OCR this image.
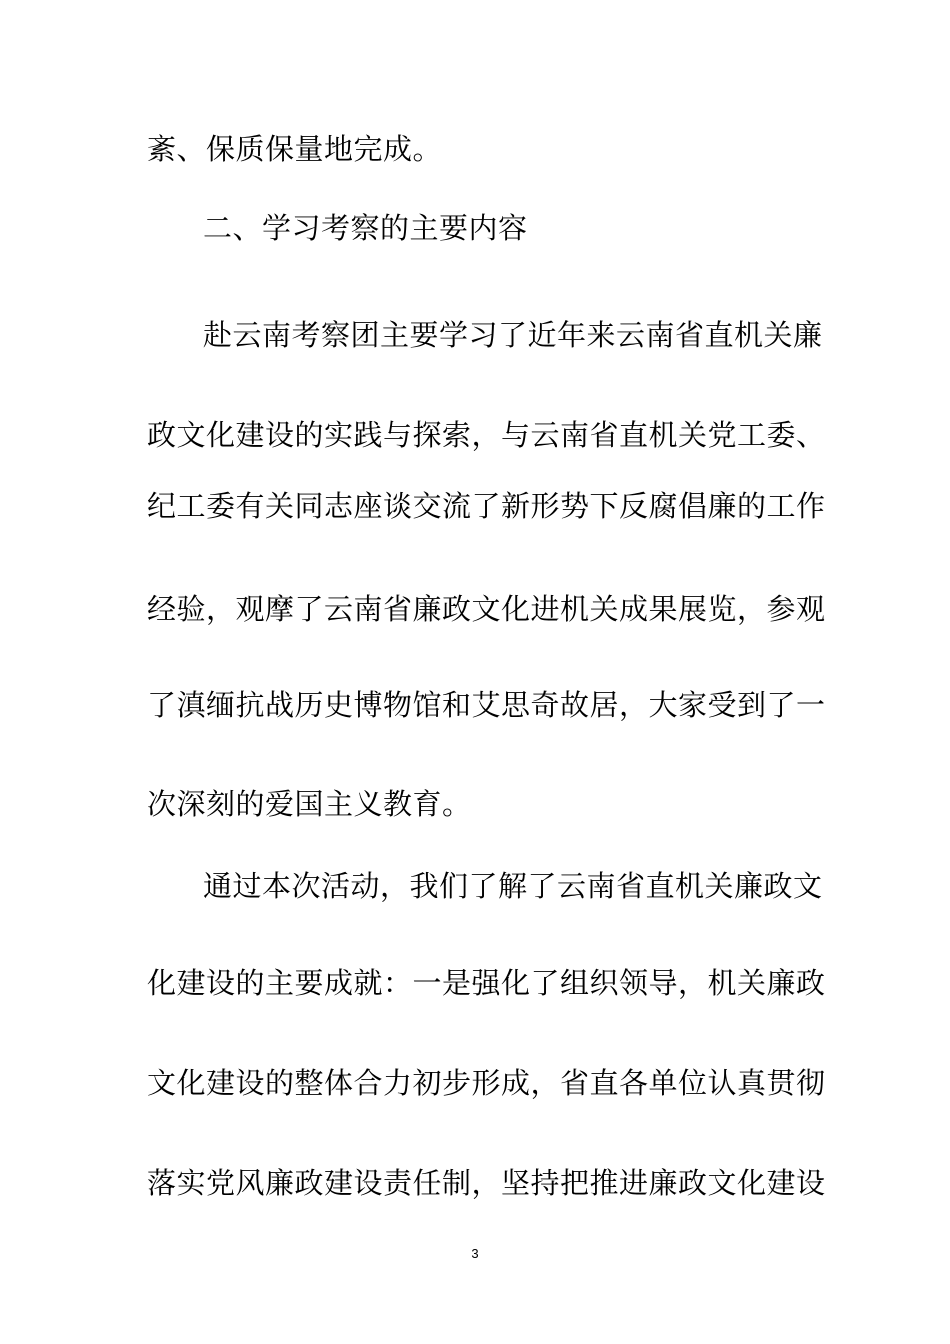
紊、保质保量地完成。
二、学习考察的主要内容
赴云南考察团主要学习了近年来云南省直机关廉
政文化建设的实践与探索，与云南省直机关党工委、
纪工委有关同志座谈交流了新形势下反腐倡廉的工作
经验，观摩了云南省廉政文化进机关成果展览，参观
了滇缅抗战历史博物馆和艾思奇故居，大家受到了一
次深刻的爱国主义教育。
通过本次活动，我们了解了云南省直机关廉政文
化建设的主要成就：一是强化了组织领导，机关廉政
文化建设的整体合力初步形成，省直各单位认真贯彻
落实党风廉政建设责任制，坚持把推进廉政文化建设
3
